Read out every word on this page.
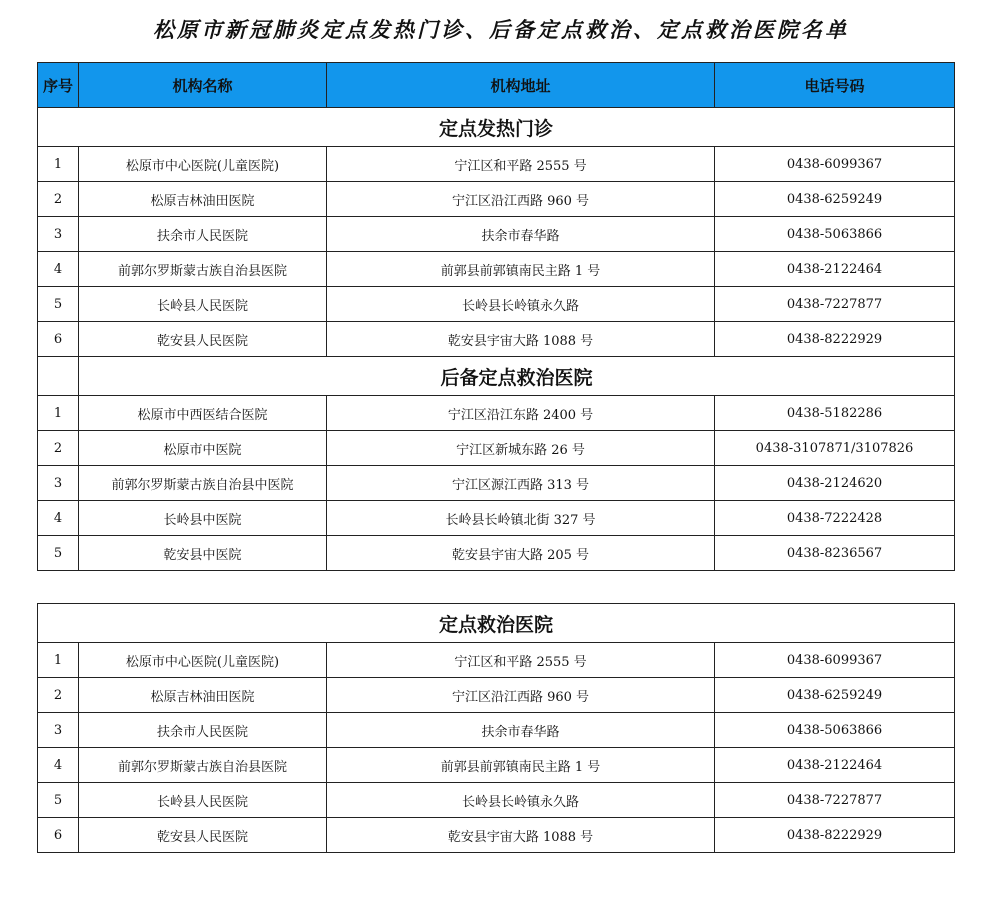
松原市新冠肺炎定点发热门诊、后备定点救治、定点救治医院名单
序号	机构名称	机构地址	电话号码
定点发热门诊			
1	松原市中心医院(儿童医院)	宁江区和平路 2555 号	0438-6099367
2	松原吉林油田医院	宁江区沿江西路 960 号	0438-6259249
3	扶余市人民医院	扶余市春华路	0438-5063866
4	前郭尔罗斯蒙古族自治县医院	前郭县前郭镇南民主路 1 号	0438-2122464
5	长岭县人民医院	长岭县长岭镇永久路	0438-7227877
6	乾安县人民医院	乾安县宇宙大路 1088 号	0438-8222929
	后备定点救治医院		
1	松原市中西医结合医院	宁江区沿江东路 2400 号	0438-5182286
2	松原市中医院	宁江区新城东路 26 号	0438-3107871/3107826
3	前郭尔罗斯蒙古族自治县中医院	宁江区源江西路 313 号	0438-2124620
4	长岭县中医院	长岭县长岭镇北街 327 号	0438-7222428
5	乾安县中医院	乾安县宇宙大路 205 号	0438-8236567
定点救治医院			
1	松原市中心医院(儿童医院)	宁江区和平路 2555 号	0438-6099367
2	松原吉林油田医院	宁江区沿江西路 960 号	0438-6259249
3	扶余市人民医院	扶余市春华路	0438-5063866
4	前郭尔罗斯蒙古族自治县医院	前郭县前郭镇南民主路 1 号	0438-2122464
5	长岭县人民医院	长岭县长岭镇永久路	0438-7227877
6	乾安县人民医院	乾安县宇宙大路 1088 号	0438-8222929
